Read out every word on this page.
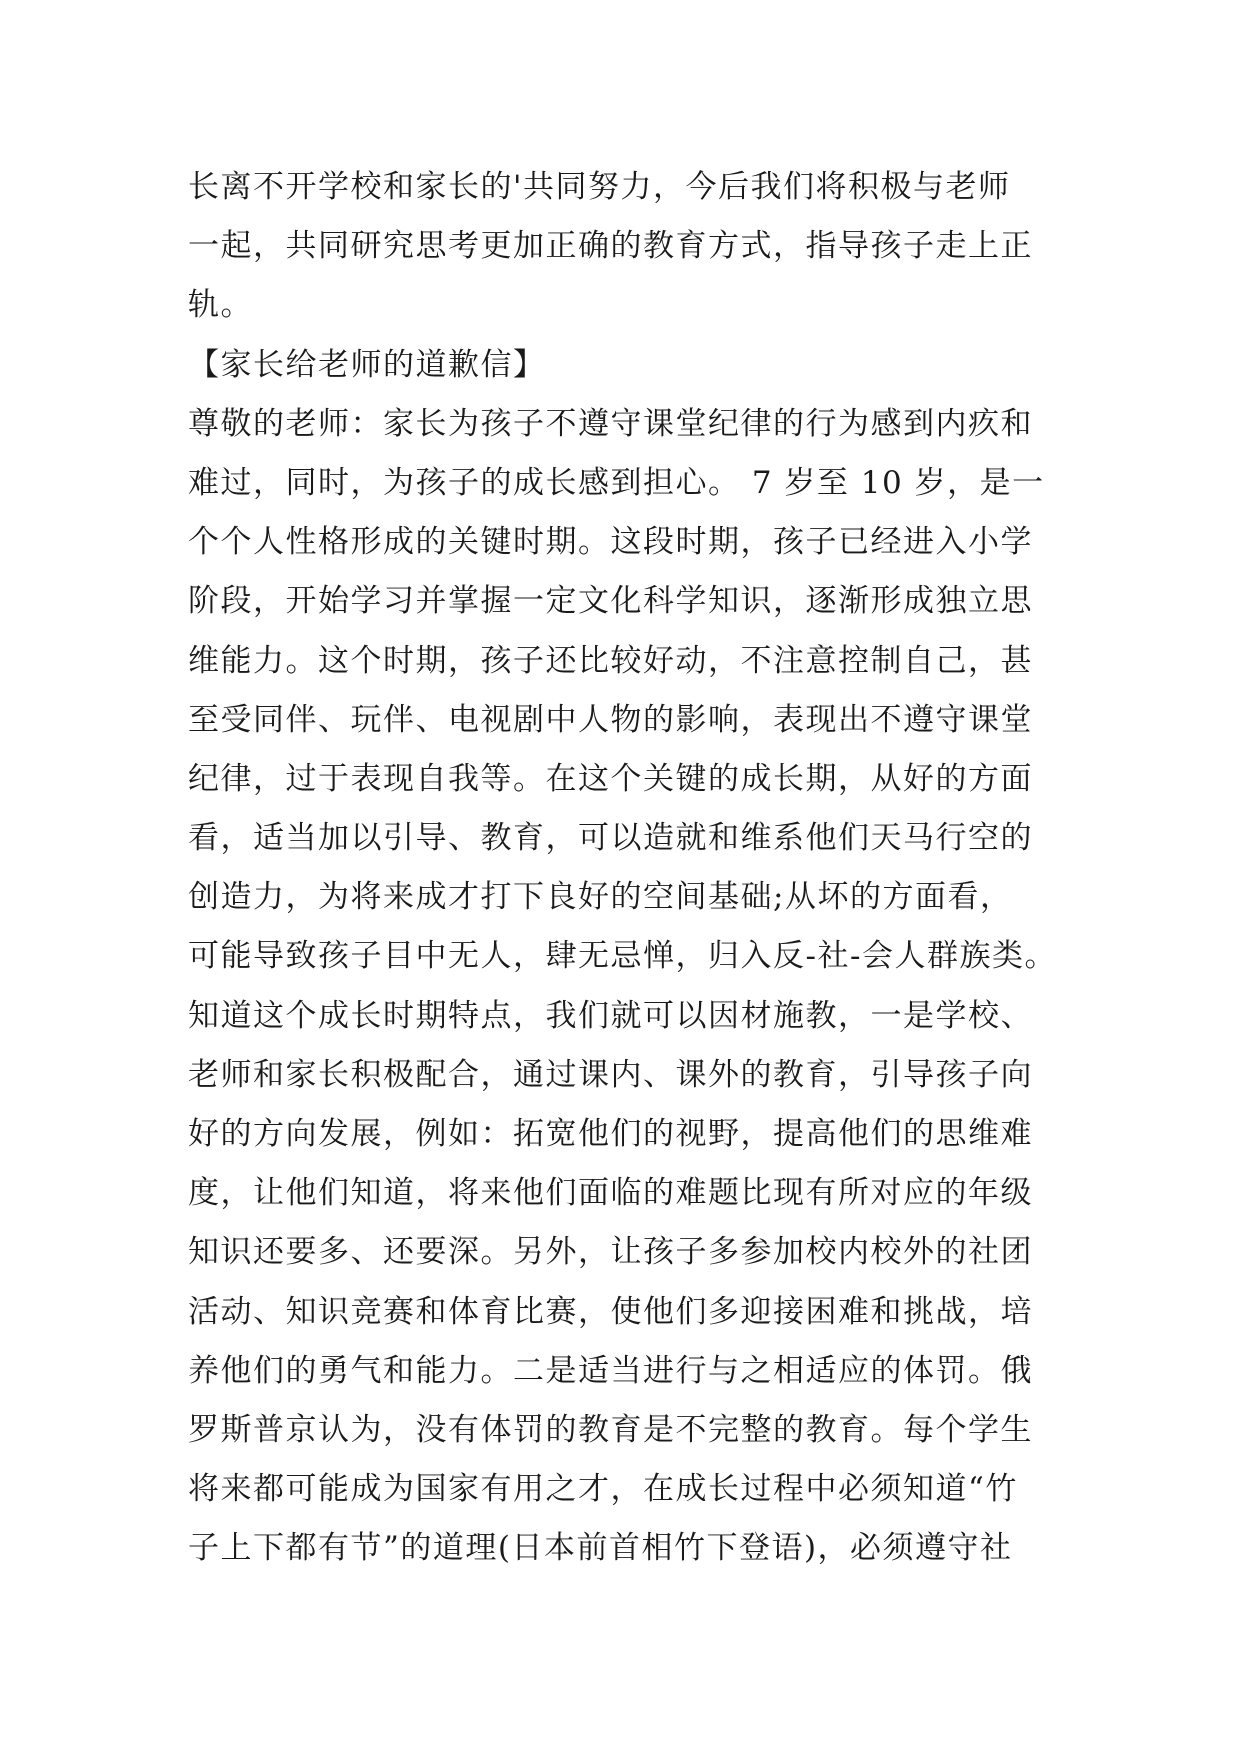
长离不开学校和家长的'共同努力，今后我们将积极与老师
一起，共同研究思考更加正确的教育方式，指导孩子走上正
轨。
【家长给老师的道歉信】
尊敬的老师：家长为孩子不遵守课堂纪律的行为感到内疚和
难过，同时，为孩子的成长感到担心。 7 岁至 10 岁，是一
个个人性格形成的关键时期。这段时期，孩子已经进入小学
阶段，开始学习并掌握一定文化科学知识，逐渐形成独立思
维能力。这个时期，孩子还比较好动，不注意控制自己，甚
至受同伴、玩伴、电视剧中人物的影响，表现出不遵守课堂
纪律，过于表现自我等。在这个关键的成长期，从好的方面
看，适当加以引导、教育，可以造就和维系他们天马行空的
创造力，为将来成才打下良好的空间基础;从坏的方面看，
可能导致孩子目中无人，肆无忌惮，归入反-社-会人群族类。
知道这个成长时期特点，我们就可以因材施教，一是学校、
老师和家长积极配合，通过课内、课外的教育，引导孩子向
好的方向发展，例如：拓宽他们的视野，提高他们的思维难
度，让他们知道，将来他们面临的难题比现有所对应的年级
知识还要多、还要深。另外，让孩子多参加校内校外的社团
活动、知识竞赛和体育比赛，使他们多迎接困难和挑战，培
养他们的勇气和能力。二是适当进行与之相适应的体罚。俄
罗斯普京认为，没有体罚的教育是不完整的教育。每个学生
将来都可能成为国家有用之才，在成长过程中必须知道“竹
子上下都有节”的道理(日本前首相竹下登语)，必须遵守社
